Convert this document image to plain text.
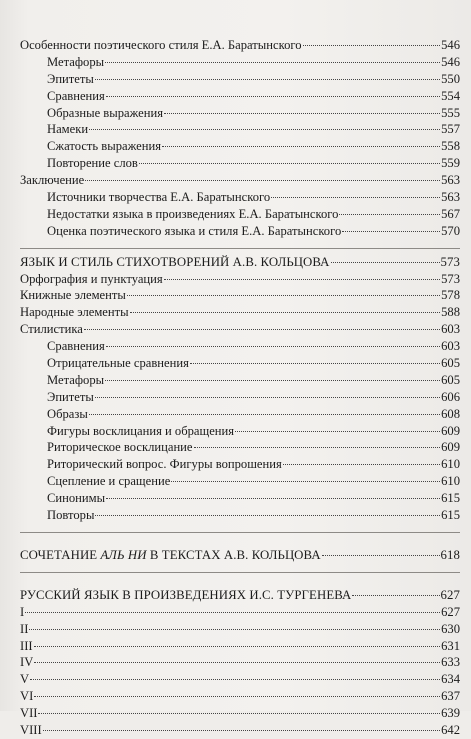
Особенности поэтического стиля Е.А. Баратынского	546
Метафоры	546
Эпитеты	550
Сравнения	554
Образные выражения	555
Намеки	557
Сжатость выражения	558
Повторение слов	559
Заключение	563
Источники творчества Е.А. Баратынского	563
Недостатки языка в произведениях Е.А. Баратынского	567
Оценка поэтического языка и стиля Е.А. Баратынского	570
ЯЗЫК И СТИЛЬ СТИХОТВОРЕНИЙ А.В. КОЛЬЦОВА	573
Орфография и пунктуация	573
Книжные элементы	578
Народные элементы	588
Стилистика	603
Сравнения	603
Отрицательные сравнения	605
Метафоры	605
Эпитеты	606
Образы	608
Фигуры восклицания и обращения	609
Риторическое восклицание	609
Риторический вопрос. Фигуры вопрошения	610
Сцепление и сращение	610
Синонимы	615
Повторы	615
СОЧЕТАНИЕ АЛЬ НИ В ТЕКСТАХ А.В. КОЛЬЦОВА	618
РУССКИЙ ЯЗЫК В ПРОИЗВЕДЕНИЯХ И.С. ТУРГЕНЕВА	627
I	627
II	630
III	631
IV	633
V	634
VI	637
VII	639
VIII	642
